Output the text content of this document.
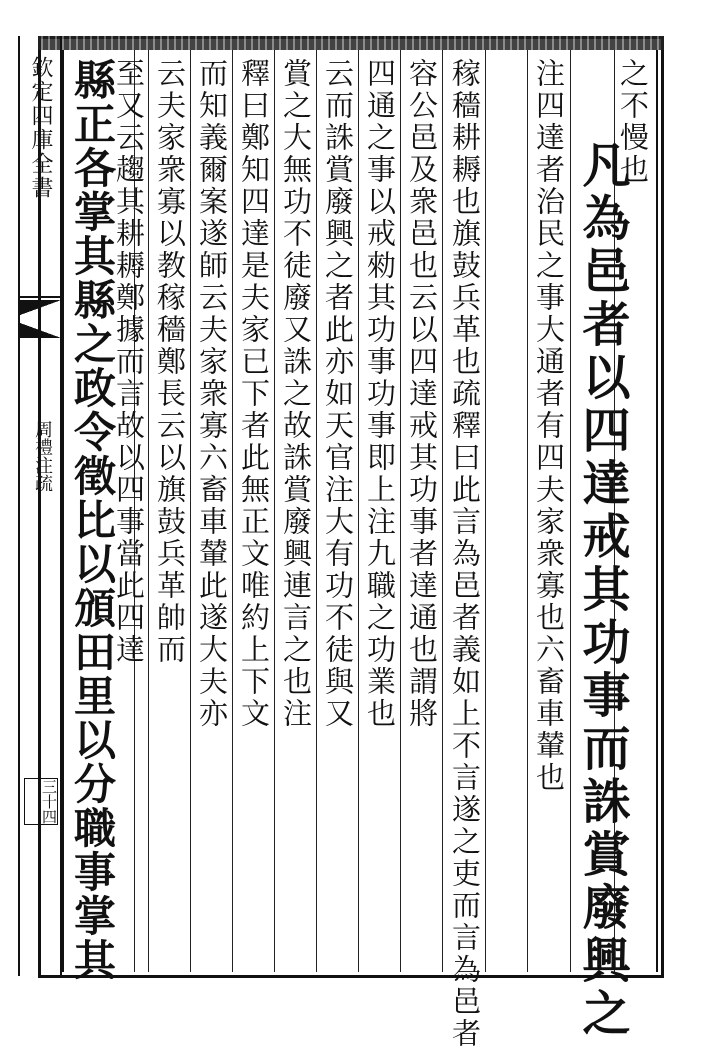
欽定四庫全書
周禮注疏
三十四
之不慢也
凡為邑者以四達戒其功事而誅賞廢興之
注四達者治民之事大通者有四夫家衆寡也六畜車輦也
稼穡耕耨也旗鼓兵革也疏釋曰此言為邑者義如上不言遂之吏而言為邑者
容公邑及衆邑也云以四達戒其功事者達通也謂將
四通之事以戒勑其功事功事即上注九職之功業也
云而誅賞廢興之者此亦如天官注大有功不徒與又
賞之大無功不徒廢又誅之故誅賞廢興連言之也注
釋曰鄭知四達是夫家已下者此無正文唯約上下文
而知義爾案遂師云夫家衆寡六畜車輦此遂大夫亦
云夫家衆寡以教稼穡鄭長云以旗鼓兵革帥而
至又云趨其耕耨鄭據而言故以四事當此四達
縣正各掌其縣之政令徵比以頒田里以分職事掌其
